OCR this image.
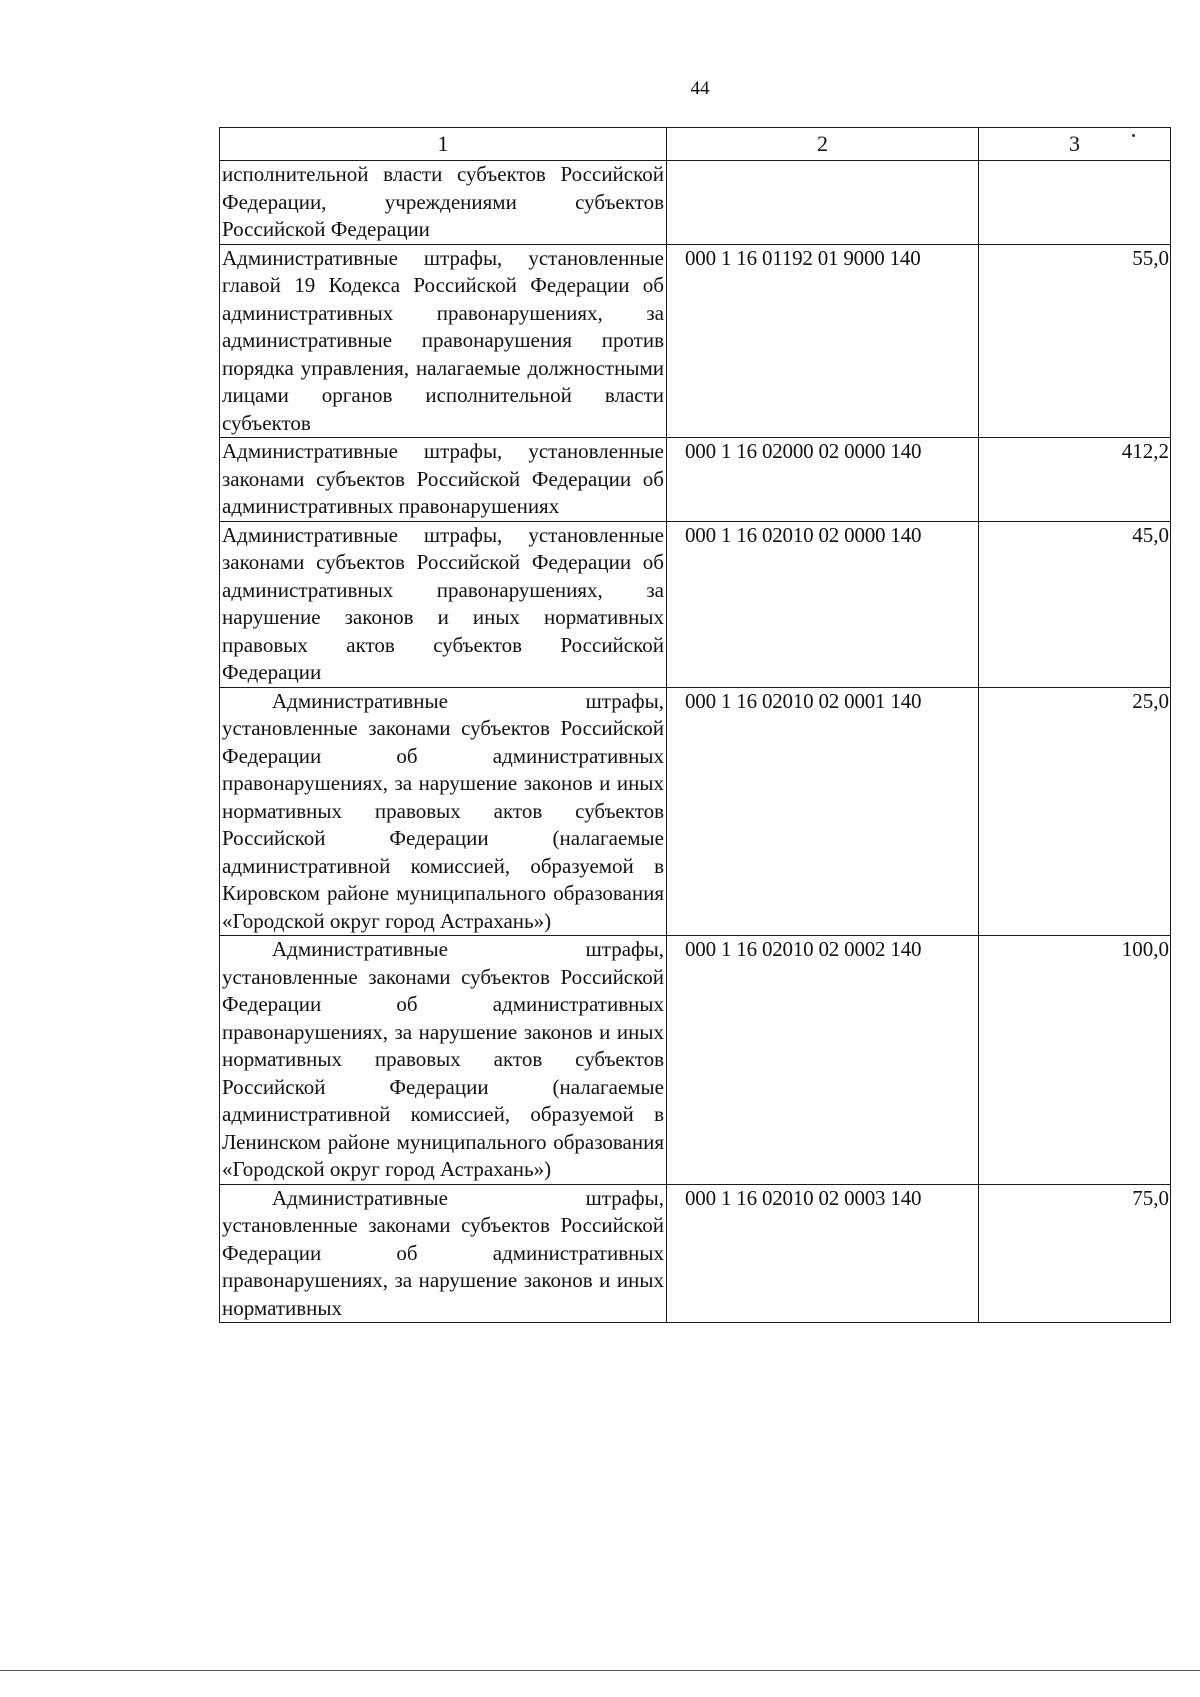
44
1	2	3
исполнительной власти субъектов Российской Федерации, учреждениями субъектов Российской Федерации		
Административные штрафы, установленные главой 19 Кодекса Российской Федерации об административных правонарушениях, за административные правонарушения против порядка управления, налагаемые должностными лицами органов исполнительной власти субъектов	000 1 16 01192 01 9000 140	55,0
Административные штрафы, установленные законами субъектов Российской Федерации об административных правонарушениях	000 1 16 02000 02 0000 140	412,2
Административные штрафы, установленные законами субъектов Российской Федерации об административных правонарушениях, за нарушение законов и иных нормативных правовых актов субъектов Российской Федерации	000 1 16 02010 02 0000 140	45,0
Административные штрафы, установленные законами субъектов Российской Федерации об административных правонарушениях, за нарушение законов и иных нормативных правовых актов субъектов Российской Федерации (налагаемые административной комиссией, образуемой в Кировском районе муниципального образования «Городской округ город Астрахань»)	000 1 16 02010 02 0001 140	25,0
Административные штрафы, установленные законами субъектов Российской Федерации об административных правонарушениях, за нарушение законов и иных нормативных правовых актов субъектов Российской Федерации (налагаемые административной комиссией, образуемой в Ленинском районе муниципального образования «Городской округ город Астрахань»)	000 1 16 02010 02 0002 140	100,0
Административные штрафы, установленные законами субъектов Российской Федерации об административных правонарушениях, за нарушение законов и иных нормативных	000 1 16 02010 02 0003 140	75,0
